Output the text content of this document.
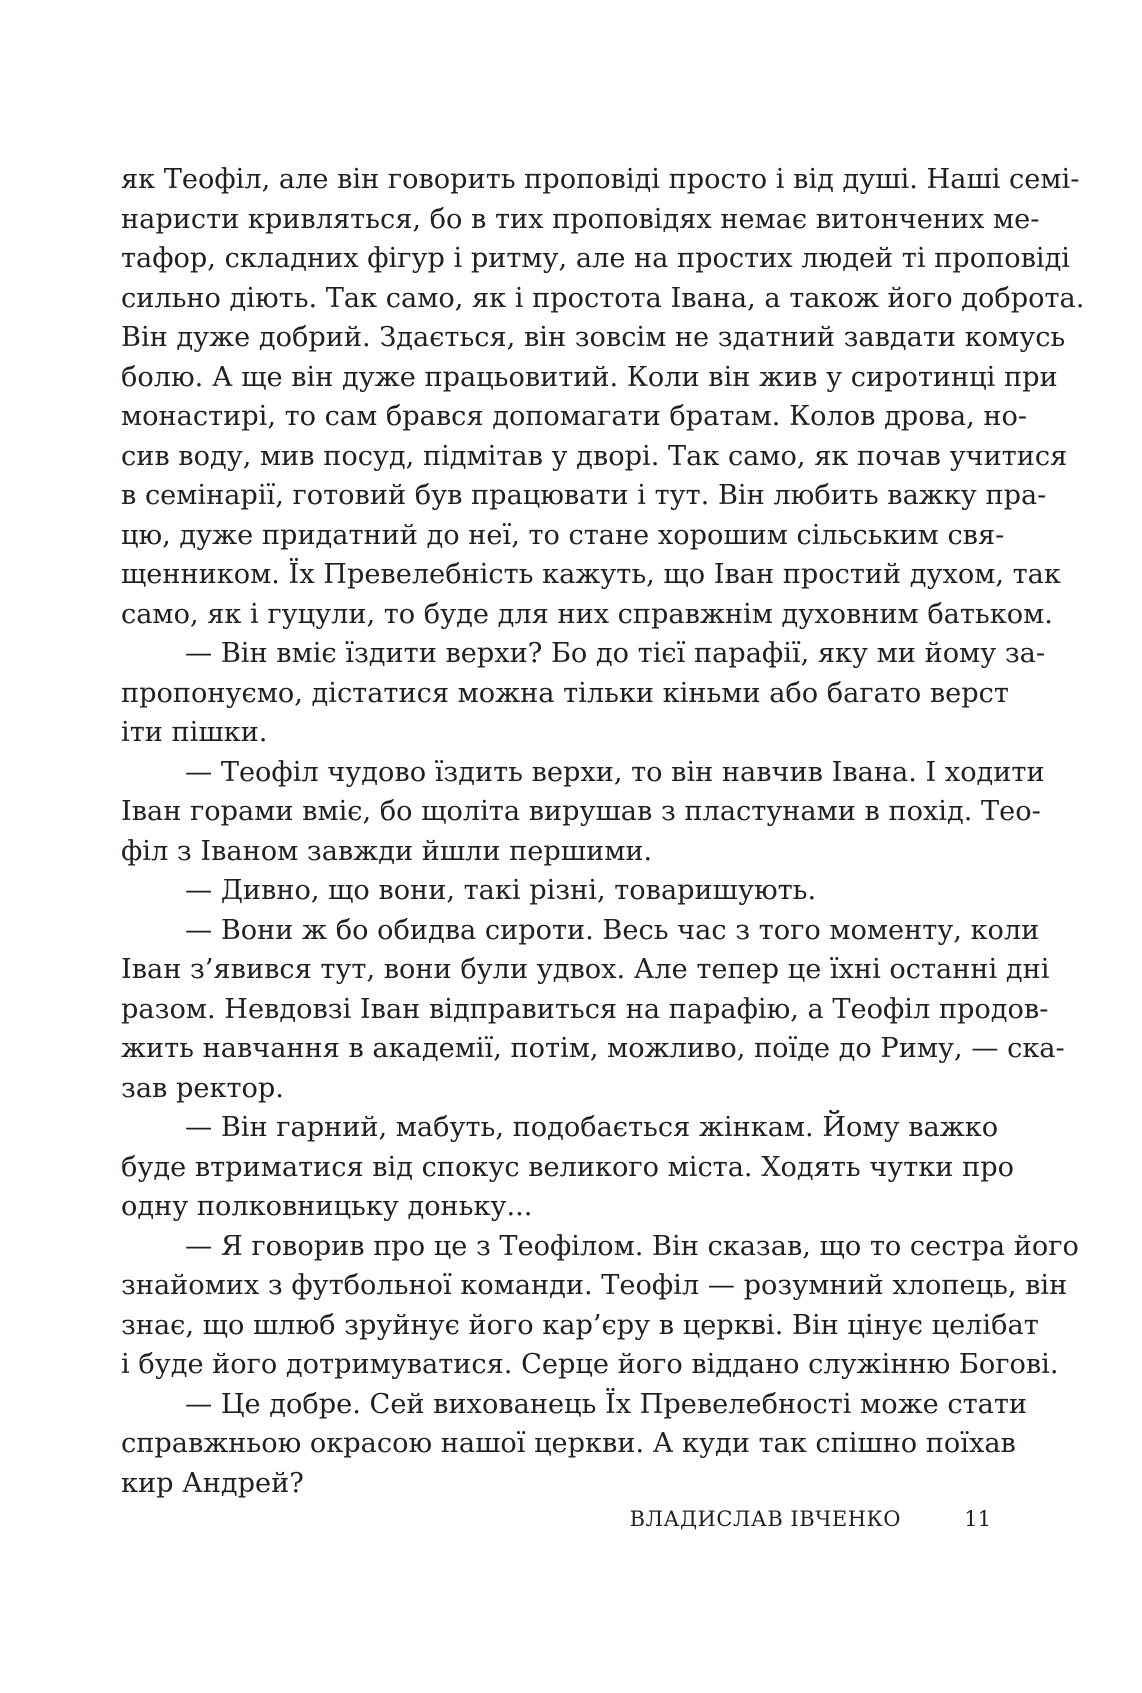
як Теофіл, але він говорить проповіді просто і від душі. Наші семі-
наристи кривляться, бо в тих проповідях немає витончених ме-
тафор, складних фігур і ритму, але на простих людей ті проповіді
сильно діють. Так само, як і простота Івана, а також його доброта.
Він дуже добрий. Здається, він зовсім не здатний завдати комусь
болю. А ще він дуже працьовитий. Коли він жив у сиротинці при
монастирі, то сам брався допомагати братам. Колов дрова, но-
сив воду, мив посуд, підмітав у дворі. Так само, як почав учитися
в семінарії, готовий був працювати і тут. Він любить важку пра-
цю, дуже придатний до неї, то стане хорошим сільським свя-
щенником. Їх Превелебність кажуть, що Іван простий духом, так
само, як і гуцули, то буде для них справжнім духовним батьком.
— Він вміє їздити верхи? Бо до тієї парафії, яку ми йому за-
пропонуємо, дістатися можна тільки кіньми або багато верст
іти пішки.
— Теофіл чудово їздить верхи, то він навчив Івана. І ходити
Іван горами вміє, бо щоліта вирушав з пластунами в похід. Тео-
філ з Іваном завжди йшли першими.
— Дивно, що вони, такі різні, товаришують.
— Вони ж бо обидва сироти. Весь час з того моменту, коли
Іван з’явився тут, вони були удвох. Але тепер це їхні останні дні
разом. Невдовзі Іван відправиться на парафію, а Теофіл продов-
жить навчання в академії, потім, можливо, поїде до Риму, — ска-
зав ректор.
— Він гарний, мабуть, подобається жінкам. Йому важко
буде втриматися від спокус великого міста. Ходять чутки про
одну полковницьку доньку...
— Я говорив про це з Теофілом. Він сказав, що то сестра його
знайомих з футбольної команди. Теофіл — розумний хлопець, він
знає, що шлюб зруйнує його кар’єру в церкві. Він цінує целібат
і буде його дотримуватися. Серце його віддано служінню Богові.
— Це добре. Сей вихованець Їх Превелебності може стати
справжньою окрасою нашої церкви. А куди так спішно поїхав
кир Андрей?
ВЛАДИСЛАВ ІВЧЕНКО	11
